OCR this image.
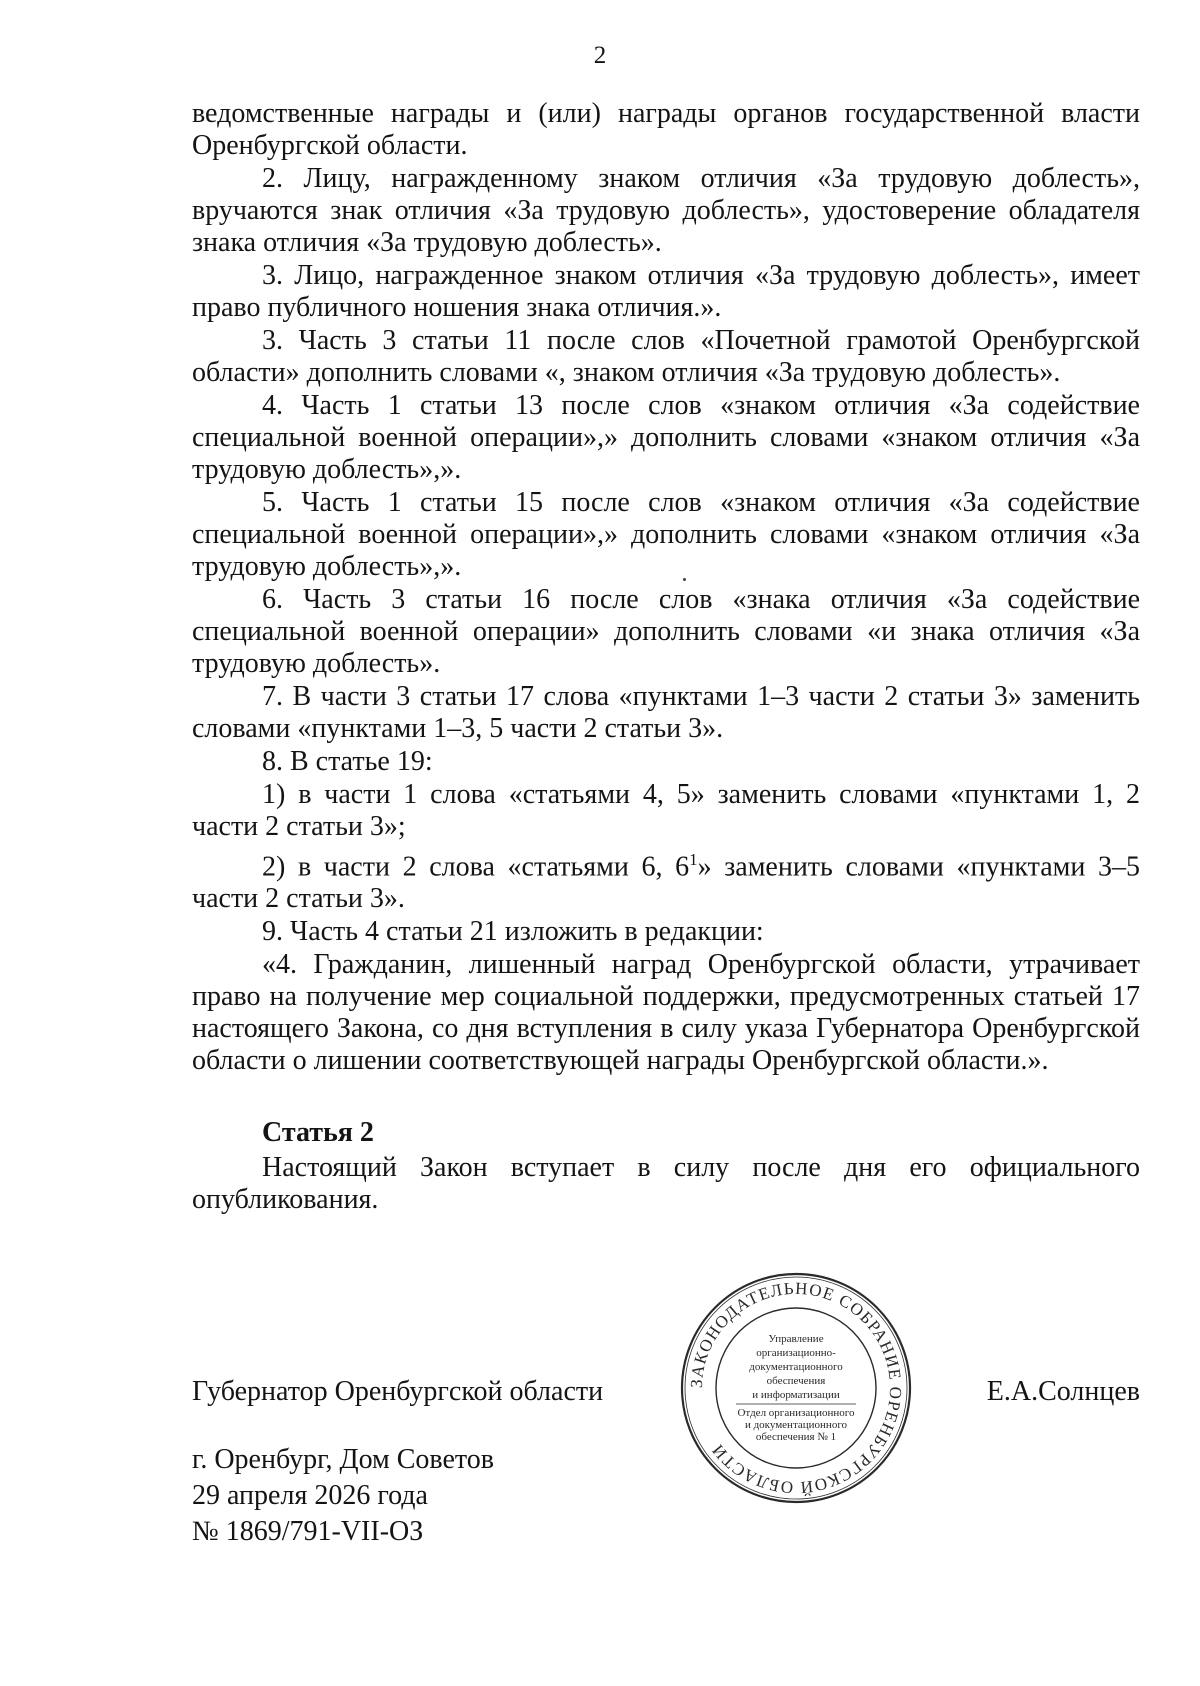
2

ведомственные награды и (или) награды органов государственной власти Оренбургской области.

2. Лицу, награжденному знаком отличия «За трудовую доблесть», вручаются знак отличия «За трудовую доблесть», удостоверение обладателя знака отличия «За трудовую доблесть».

3. Лицо, награжденное знаком отличия «За трудовую доблесть», имеет право публичного ношения знака отличия.».

3. Часть 3 статьи 11 после слов «Почетной грамотой Оренбургской области» дополнить словами «, знаком отличия «За трудовую доблесть».

4. Часть 1 статьи 13 после слов «знаком отличия «За содействие специальной военной операции»,» дополнить словами «знаком отличия «За трудовую доблесть»,».

5. Часть 1 статьи 15 после слов «знаком отличия «За содействие специальной военной операции»,» дополнить словами «знаком отличия «За трудовую доблесть»,».

6. Часть 3 статьи 16 после слов «знака отличия «За содействие специальной военной операции» дополнить словами «и знака отличия «За трудовую доблесть».

7. В части 3 статьи 17 слова «пунктами 1–3 части 2 статьи 3» заменить словами «пунктами 1–3, 5 части 2 статьи 3».

8. В статье 19:

1) в части 1 слова «статьями 4, 5» заменить словами «пунктами 1, 2 части 2 статьи 3»;

2) в части 2 слова «статьями 6, $6^1$» заменить словами «пунктами 3–5 части 2 статьи 3».

9. Часть 4 статьи 21 изложить в редакции:

«4. Гражданин, лишенный наград Оренбургской области, утрачивает право на получение мер социальной поддержки, предусмотренных статьей 17 настоящего Закона, со дня вступления в силу указа Губернатора Оренбургской области о лишении соответствующей награды Оренбургской области.».

Статья 2

Настоящий Закон вступает в силу после дня его официального опубликования.

ЗАКОНОДАТЕЛЬНОЕ СОБРАНИЕ ОРЕНБУРГСКОЙ ОБЛАСТИ
Управление
организационно-
документационного
обеспечения
и информатизации
Отдел организационного
и документационного
обеспечения № 1
Губернатор Оренбургской области	Е.А.Солнцев
г. Оренбург, Дом Советов
29 апреля 2026 года
№ 1869/791-VII-ОЗ
